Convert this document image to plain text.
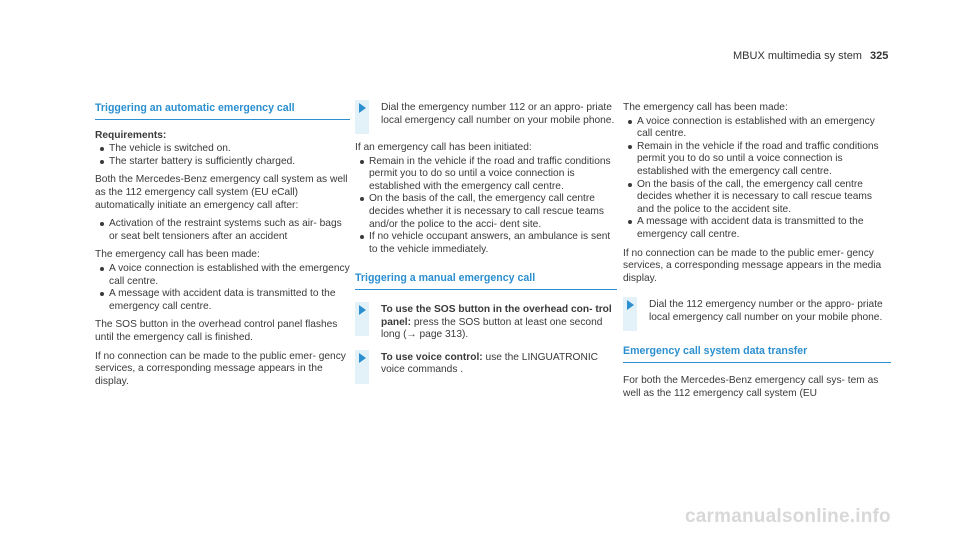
MBUX multimedia sy stem 325
Triggering an automatic emergency call
Requirements:
The vehicle is switched on.
The starter battery is sufficiently charged.

Both the Mercedes-Benz emergency call system as well as the 112 emergency call system (EU eCall) automatically initiate an emergency call after:

Activation of the restraint systems such as air- bags or seat belt tensioners after an accident

The emergency call has been made:

A voice connection is established with the emergency call centre.
A message with accident data is transmitted to the emergency call centre.

The SOS button in the overhead control panel flashes until the emergency call is finished.

If no connection can be made to the public emer- gency services, a corresponding message appears in the display.

Dial the emergency number 112 or an appro- priate local emergency call number on your mobile phone.

If an emergency call has been initiated:

Remain in the vehicle if the road and traffic conditions permit you to do so until a voice connection is established with the emergency call centre.
On the basis of the call, the emergency call centre decides whether it is necessary to call rescue teams and/or the police to the acci- dent site.
If no vehicle occupant answers, an ambulance is sent to the vehicle immediately.
Triggering a manual emergency call
To use the SOS button in the overhead con- trol panel: press the SOS button at least one second long (→ page 313).
To use voice control: use the LINGUATRONIC voice commands .

The emergency call has been made:

A voice connection is established with an emergency call centre.
Remain in the vehicle if the road and traffic conditions permit you to do so until a voice connection is established with the emergency call centre.
On the basis of the call, the emergency call centre decides whether it is necessary to call rescue teams and the police to the accident site.
A message with accident data is transmitted to the emergency call centre.

If no connection can be made to the public emer- gency services, a corresponding message appears in the media display.

Dial the 112 emergency number or the appro- priate local emergency call number on your mobile phone.
Emergency call system data transfer

For both the Mercedes-Benz emergency call sys- tem as well as the 112 emergency call system (EU

carmanualsonline.info
